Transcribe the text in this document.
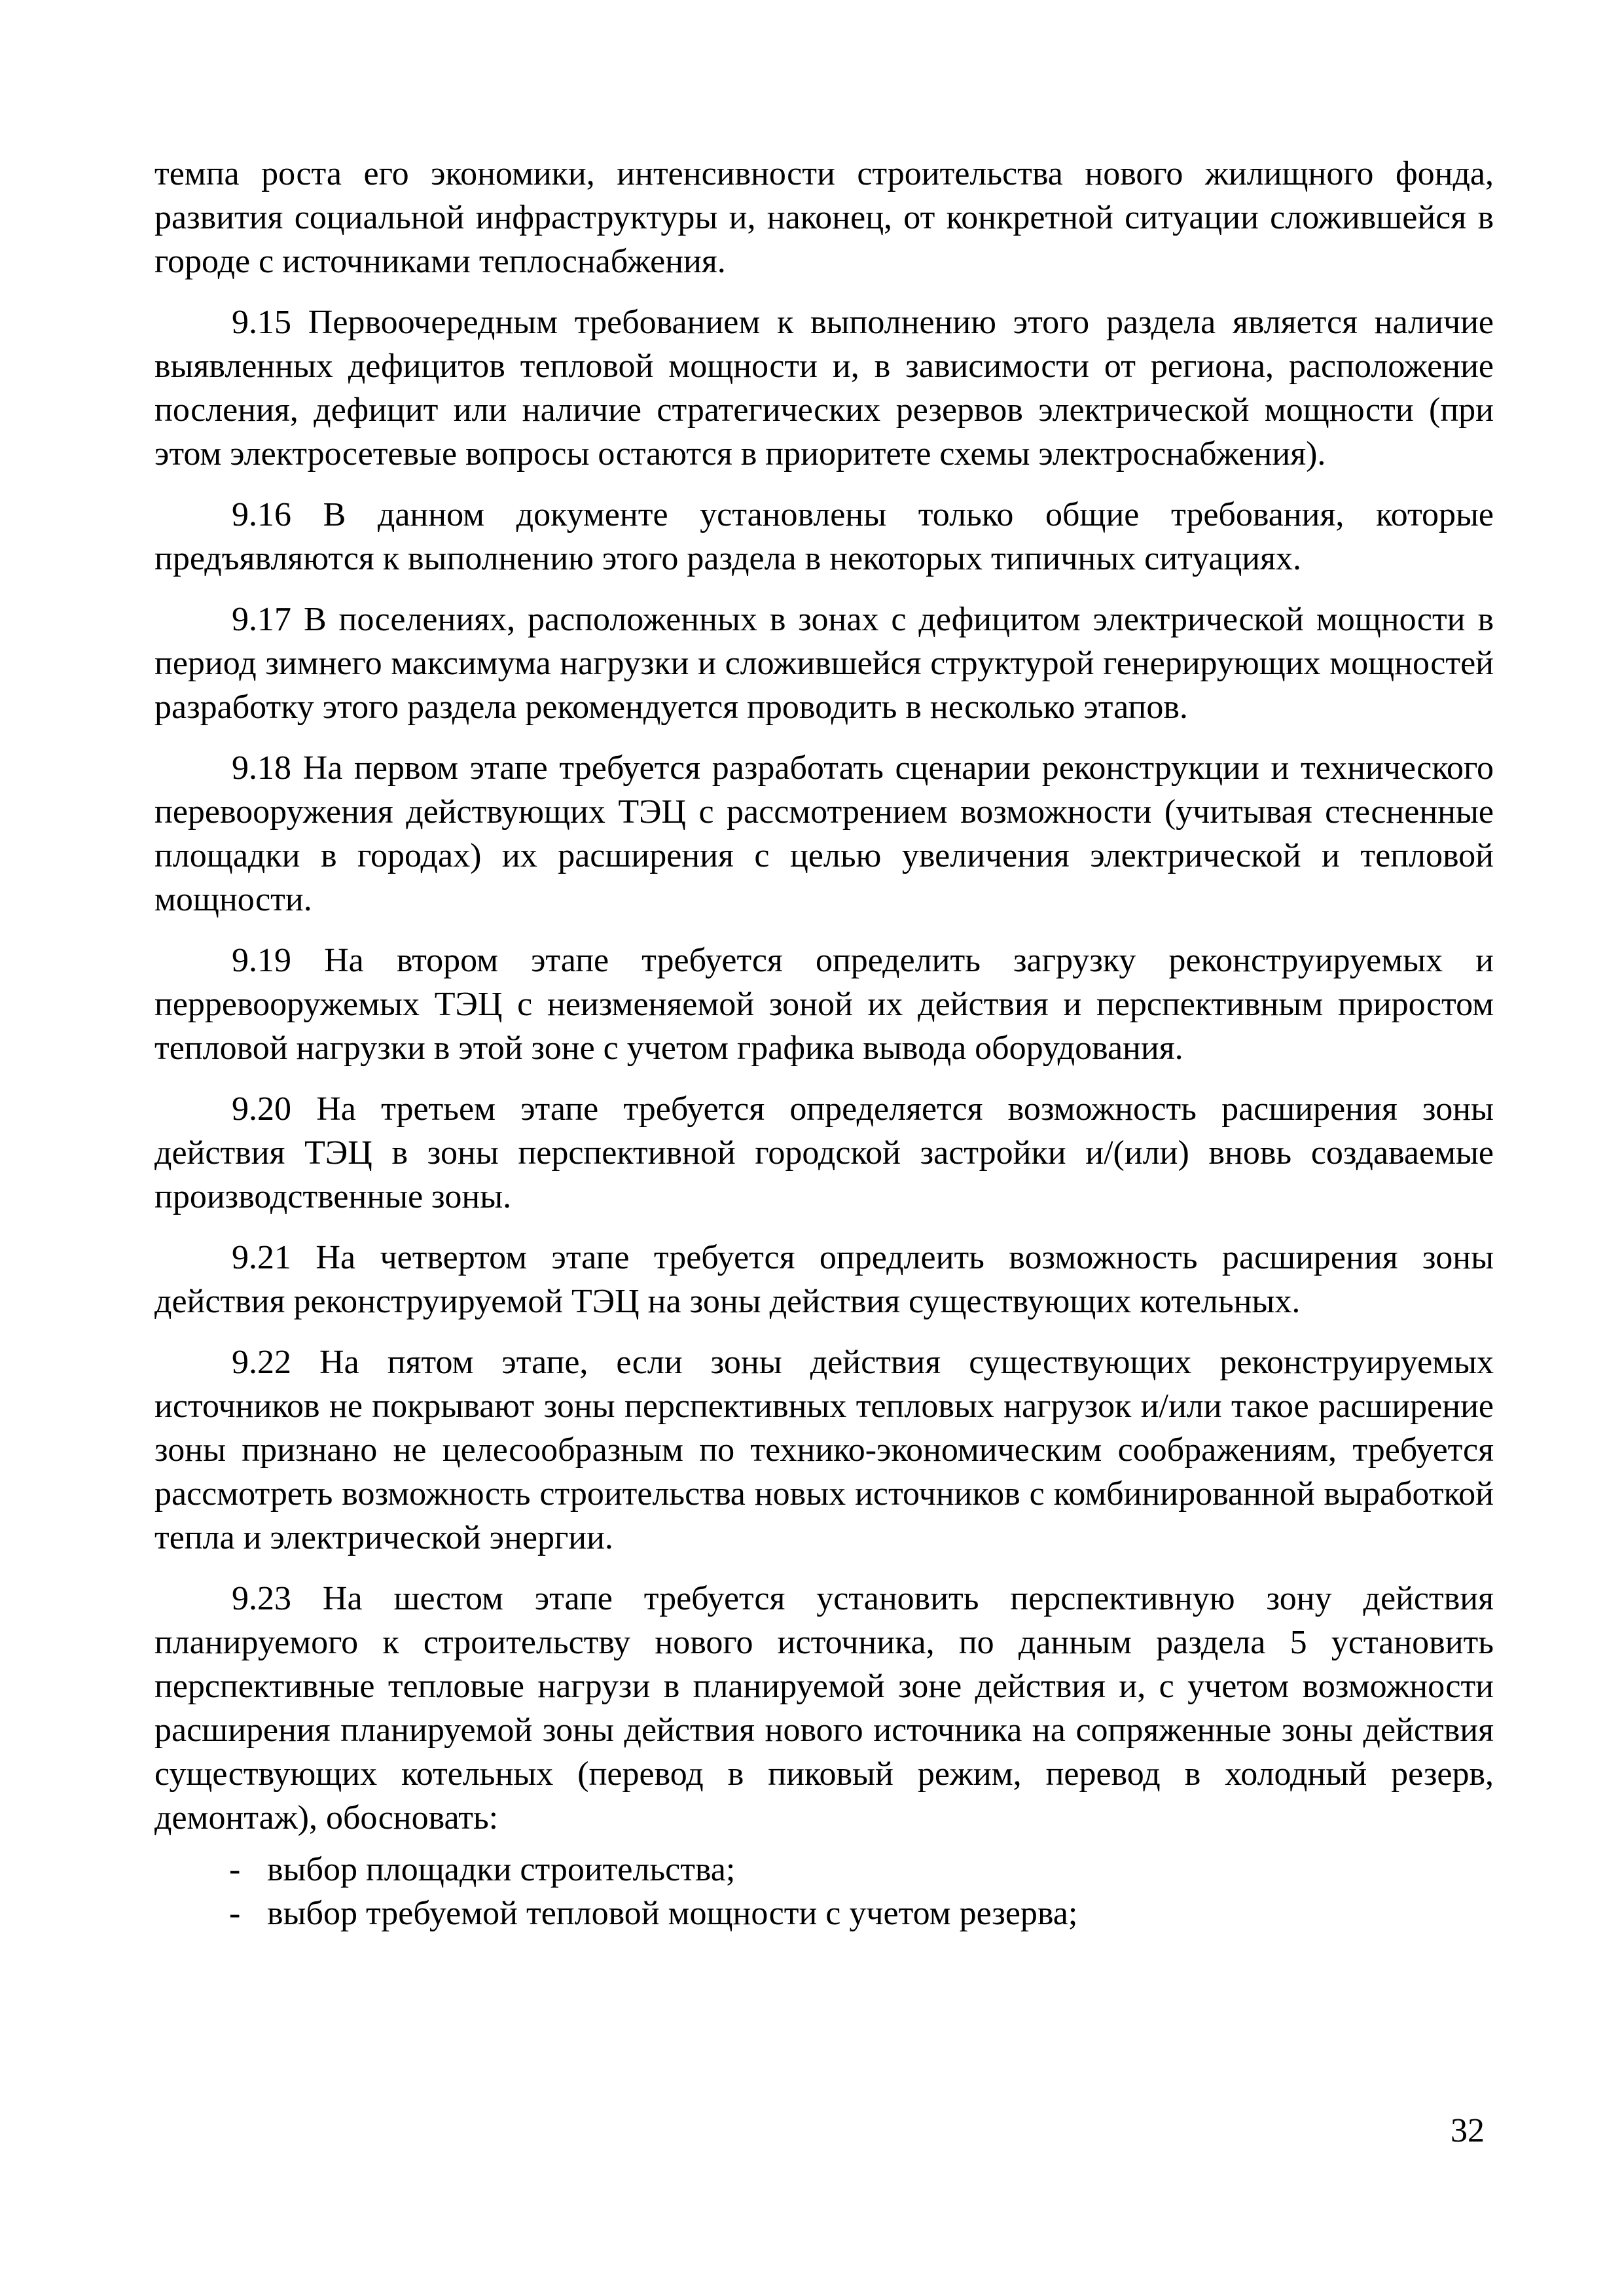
темпа роста его экономики, интенсивности строительства нового жилищного фонда, развития социальной инфраструктуры и, наконец, от конкретной ситуации сложившейся в городе с источниками теплоснабжения.

9.15 Первоочередным требованием к выполнению этого раздела является наличие выявленных дефицитов тепловой мощности и, в зависимости от региона, расположение посления, дефицит или наличие стратегических резервов электрической мощности (при этом электросетевые вопросы остаются в приоритете схемы электроснабжения).

9.16 В данном документе установлены только общие требования, которые предъявляются к выполнению этого раздела в некоторых типичных ситуациях.

9.17 В поселениях, расположенных в зонах с дефицитом электрической мощности в период зимнего максимума нагрузки и сложившейся структурой генерирующих мощностей разработку этого раздела рекомендуется проводить в несколько этапов.

9.18 На первом этапе требуется разработать сценарии реконструкции и технического перевооружения действующих ТЭЦ с рассмотрением возможности (учитывая стесненные площадки в городах) их расширения с целью увеличения электрической и тепловой мощности.

9.19 На втором этапе требуется определить загрузку реконструируемых и перревооружемых ТЭЦ с неизменяемой зоной их действия и перспективным приростом тепловой нагрузки в этой зоне с учетом графика вывода оборудования.

9.20 На третьем этапе требуется определяется возможность расширения зоны действия ТЭЦ в зоны перспективной городской застройки и/(или) вновь создаваемые производственные зоны.

9.21 На четвертом этапе требуется опредлеить возможность расширения зоны действия реконструируемой ТЭЦ на зоны действия существующих котельных.

9.22 На пятом этапе, если зоны действия существующих реконструируемых источников не покрывают зоны перспективных тепловых нагрузок и/или такое расширение зоны признано не целесообразным по технико-экономическим соображениям, требуется рассмотреть возможность строительства новых источников с комбинированной выработкой тепла и электрической энергии.

9.23 На шестом этапе требуется установить перспективную зону действия планируемого к строительству нового источника, по данным раздела 5 установить перспективные тепловые нагрузи в планируемой зоне действия и, с учетом возможности расширения планируемой зоны действия нового источника на сопряженные зоны действия существующих котельных (перевод в пиковый режим, перевод в холодный резерв, демонтаж), обосновать:

- выбор площадки строительства;
- выбор требуемой тепловой мощности с учетом резерва;
32
